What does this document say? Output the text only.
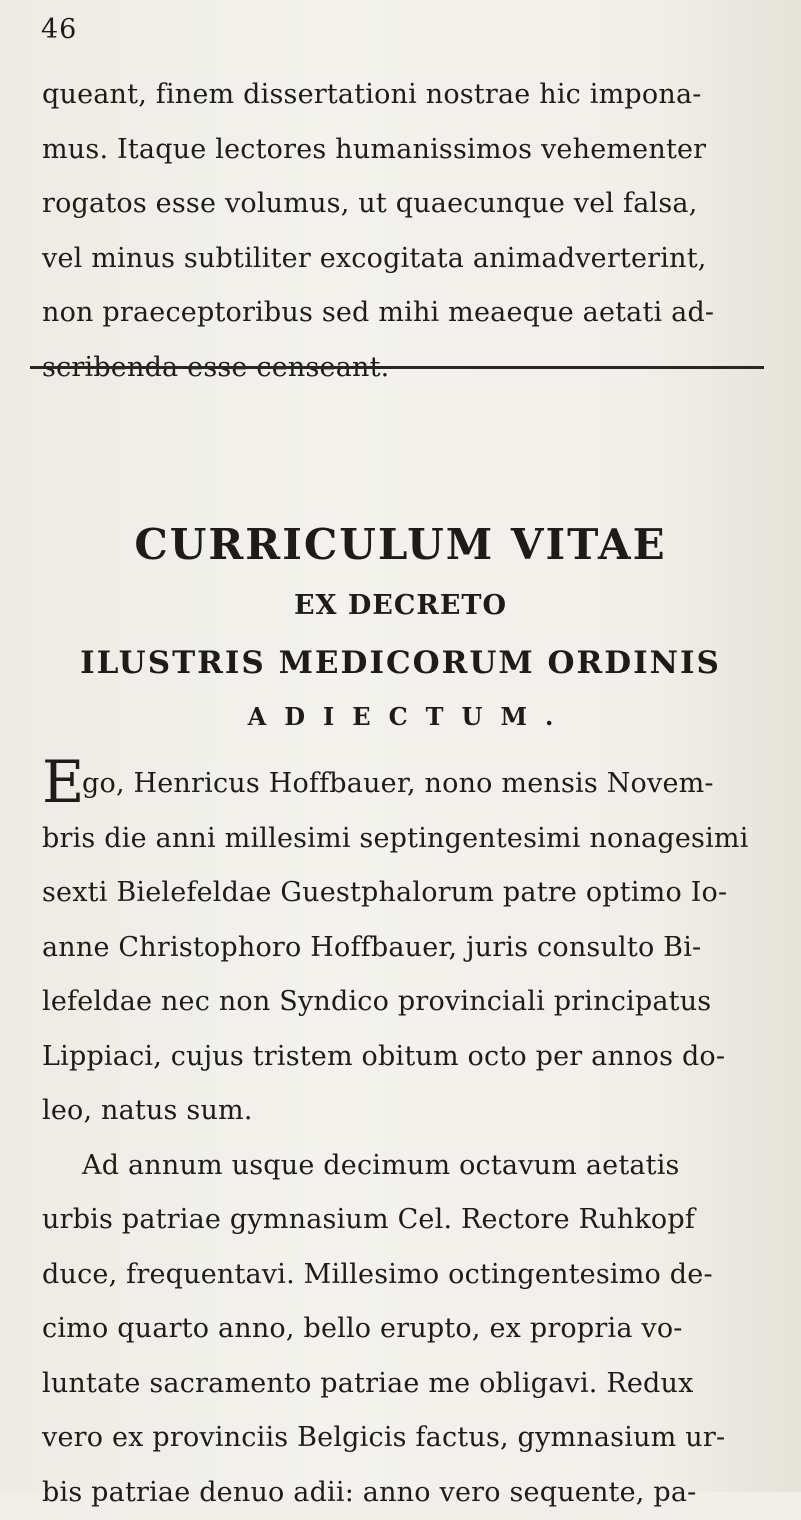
46
queant, finem dissertationi nostrae hic impona-
mus. Itaque lectores humanissimos vehementer
rogatos esse volumus, ut quaecunque vel falsa,
vel minus subtiliter excogitata animadverterint,
non praeceptoribus sed mihi meaeque aetati ad-
scribenda esse censeant.
CURRICULUM VITAE
EX DECRETO
ILUSTRIS MEDICORUM ORDINIS
ADIECTUM.
E
go, Henricus Hoffbauer, nono mensis Novem-
bris die anni millesimi septingentesimi nonagesimi
sexti Bielefeldae Guestphalorum patre optimo Io-
anne Christophoro Hoffbauer, juris consulto Bi-
lefeldae nec non Syndico provinciali principatus
Lippiaci, cujus tristem obitum octo per annos do-
leo, natus sum.
Ad annum usque decimum octavum aetatis
urbis patriae gymnasium Cel. Rectore Ruhkopf
duce, frequentavi. Millesimo octingentesimo de-
cimo quarto anno, bello erupto, ex propria vo-
luntate sacramento patriae me obligavi. Redux
vero ex provinciis Belgicis factus, gymnasium ur-
bis patriae denuo adii: anno vero sequente, pa-
